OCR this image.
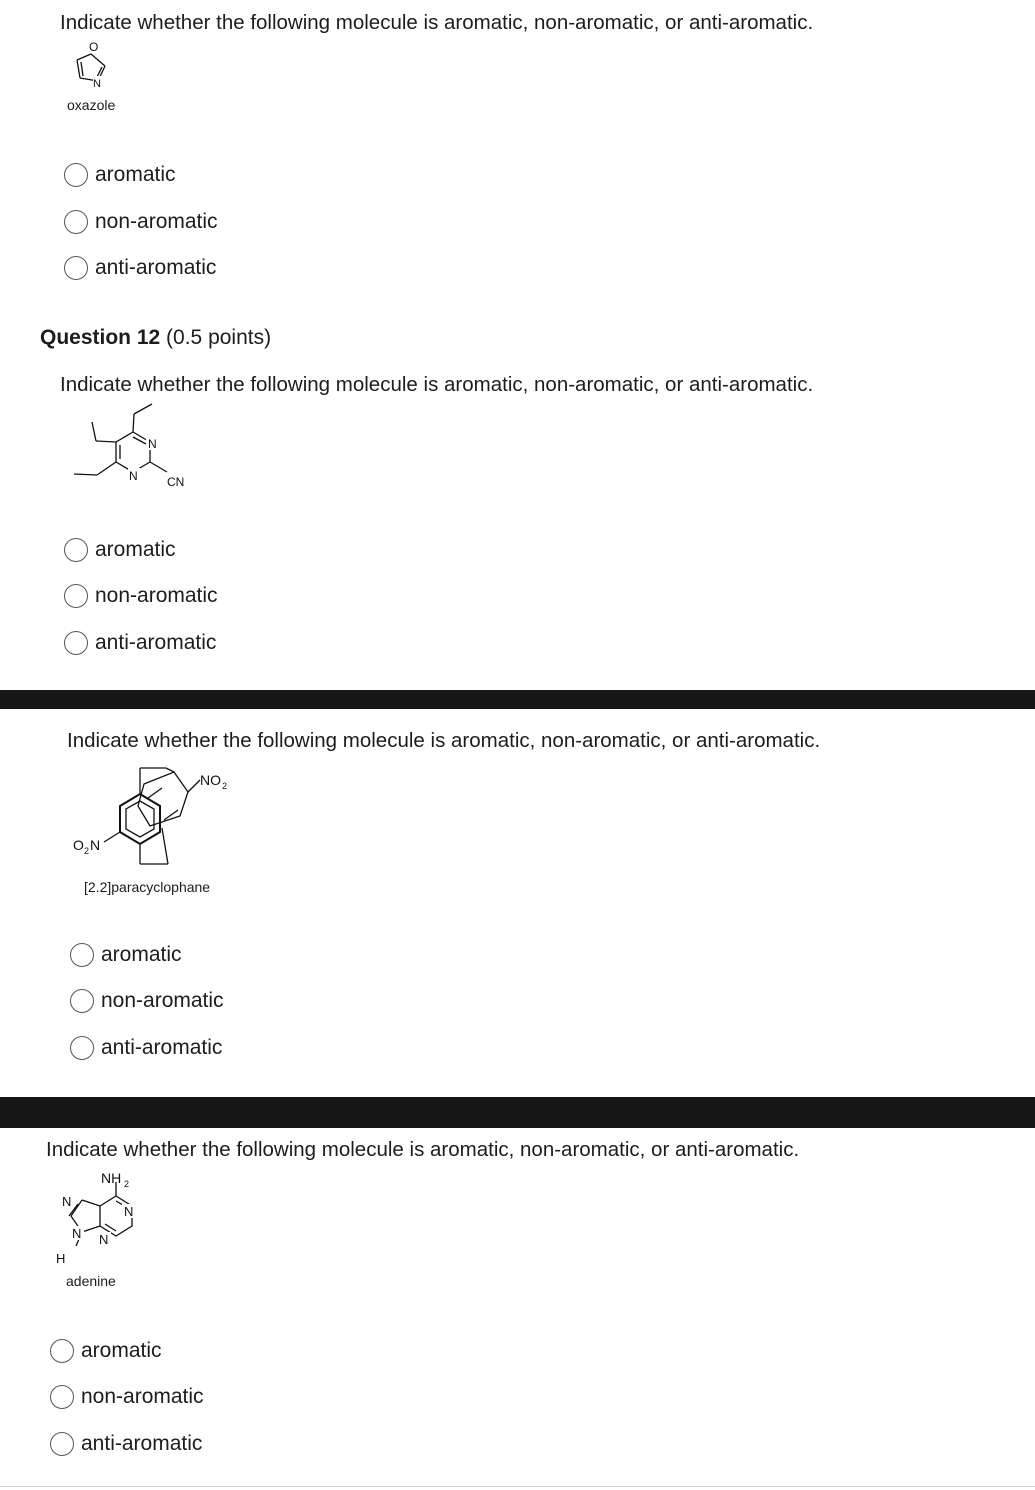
Indicate whether the following molecule is aromatic, non-aromatic, or anti-aromatic.
O
N
oxazole
aromatic
non-aromatic
anti-aromatic
Question 12 (0.5 points)
Indicate whether the following molecule is aromatic, non-aromatic, or anti-aromatic.
N
N CN
aromatic
non-aromatic
anti-aromatic
Indicate whether the following molecule is aromatic, non-aromatic, or anti-aromatic.
NO 2
O 2 N
[2.2]paracyclophane
aromatic
non-aromatic
anti-aromatic
Indicate whether the following molecule is aromatic, non-aromatic, or anti-aromatic.
NH 2
N
N
N N
H
adenine
aromatic
non-aromatic
anti-aromatic
